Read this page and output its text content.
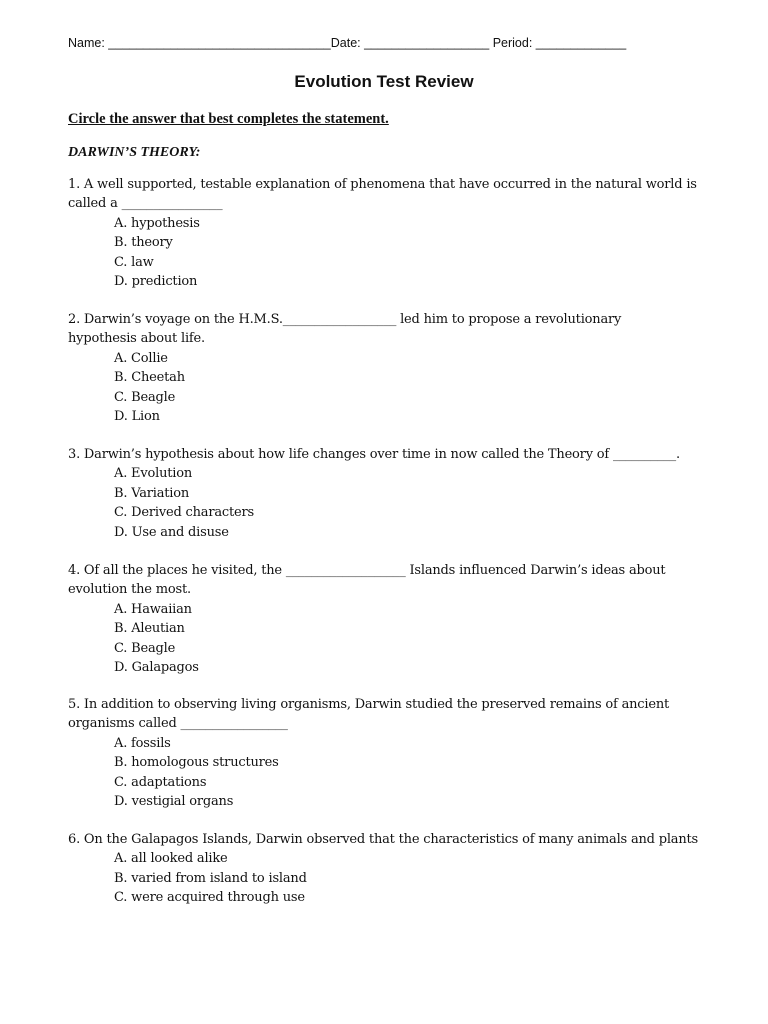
Name: ________________________________Date: __________________ Period: _____________
Evolution Test Review
Circle the answer that best completes the statement.
DARWIN’S THEORY:
1. A well supported, testable explanation of phenomena that have occurred in the natural world is
called a ________________
A. hypothesis
B. theory
C. law
D. prediction
2. Darwin’s voyage on the H.M.S.__________________ led him to propose a revolutionary
hypothesis about life.
A. Collie
B. Cheetah
C. Beagle
D. Lion
3. Darwin’s hypothesis about how life changes over time in now called the Theory of __________.
A. Evolution
B. Variation
C. Derived characters
D. Use and disuse
4. Of all the places he visited, the ___________________ Islands influenced Darwin’s ideas about
evolution the most.
A. Hawaiian
B. Aleutian
C. Beagle
D. Galapagos
5. In addition to observing living organisms, Darwin studied the preserved remains of ancient
organisms called _________________
A. fossils
B. homologous structures
C. adaptations
D. vestigial organs
6. On the Galapagos Islands, Darwin observed that the characteristics of many animals and plants
A. all looked alike
B. varied from island to island
C. were acquired through use
